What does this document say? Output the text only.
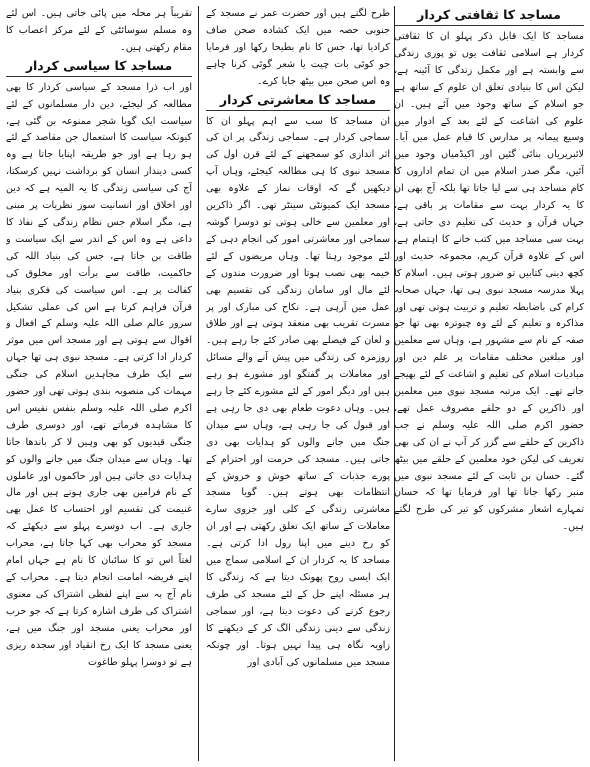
مساجد کا ثقافتی کردار

مساجد کا ایک قابل ذکر پہلو ان کا ثقافتی کردار ہے اسلامی ثقافت یوں تو پوری زندگی سے وابستہ ہے اور مکمل زندگی کا آئینہ ہے، لیکن اس کا بنیادی تعلق ان علوم کے ساتھ ہے جو اسلام کے ساتھ وجود میں آئے ہیں۔ ان علوم کی اشاعت کے لئے بعد کے ادوار میں وسیع پیمانہ پر مدارس کا قیام عمل میں آیا۔ لائبریریاں بنائی گئیں اور اکیڈمیاں وجود میں آئیں، مگر صدر اسلام میں ان تمام اداروں کا کام مساجد ہی سے لیا جاتا تھا بلکہ آج بھی ان کا یہ کردار بہت سے مقامات پر باقی ہے، جہاں قرآن و حدیث کی تعلیم دی جاتی ہے، بہت سی مساجد میں کتب خانے کا اہتمام ہے، اس کے علاوہ قرآن کریم، مجموعہ حدیث اور کچھ دینی کتابیں تو ضرور ہوتی ہیں۔ اسلام کا پہلا مدرسہ مسجد نبوی ہی تھا، جہاں صحابہ کرام کی باضابطہ تعلیم و تربیت ہوتی تھی اور مذاکرہ و تعلیم کے لئے وہ چبوترہ بھی تھا جو صفہ کے نام سے مشہور ہے، وہاں سے معلمین اور مبلغین مختلف مقامات پر علم دین اور مبادیات اسلام کی تعلیم و اشاعت کے لئے بھیجے جاتے تھے۔ ایک مرتبہ مسجد نبوی میں معلمین اور ذاکرین کے دو حلقے مصروف عمل تھے، حضور اکرم صلی اللہ علیہ وسلم نے جب ذاکرین کے حلقے سے گزر کر آپ نے ان کی بھی تعریف کی لیکن خود معلمین کے حلقے میں بیٹھ گئے۔ حسان بن ثابت کے لئے مسجد نبوی میں منبر رکھا جاتا تھا اور فرمایا تھا کہ حسان تمہارے اشعار مشرکوں کو تیر کی طرح لگتے ہیں۔

طرح لگتے ہیں اور حضرت عمر نے مسجد کے جنوبی حصہ میں ایک کشادہ صحن صاف کرادیا تھا، جس کا نام بطیحا رکھا اور فرمایا جو کوئی بات چیت یا شعر گوئی کرنا چاہے وہ اس صحن میں بیٹھ جایا کرے۔

مساجد کا معاشرتی کردار

ان مساجد کا سب سے اہم پہلو ان کا سماجی کردار ہے۔ سماجی زندگی پر ان کی اثر اندازی کو سمجھنے کے لئے قرن اول کی مسجد نبوی کا ہی مطالعہ کیجئے، وہاں آپ دیکھیں گے کہ اوقات نماز کے علاوہ بھی مسجد ایک کمیونٹی سینٹر تھی۔ اگر ذاکرین اور معلمین سے خالی ہوتی تو دوسرا گوشہ سماجی اور معاشرتی امور کی انجام دہی کے لئے موجود رہتا تھا۔ وہاں مریضوں کے لئے خیمہ بھی نصب ہوتا اور ضرورت مندوں کے لئے مال اور سامان زندگی کی تقسیم بھی عمل میں آرہی ہے۔ نکاح کی مبارک اور پر مسرت تقریب بھی منعقد ہوتی ہے اور طلاق و لعان کے فیصلے بھی صادر کئے جا رہے ہیں۔ روزمرہ کی زندگی میں پیش آنے والے مسائل اور معاملات پر گفتگو اور مشورے ہو رہے ہیں اور دیگر امور کے لئے مشورے کئے جا رہے ہیں۔ وہاں دعوت طعام بھی دی جا رہی ہے اور قبول کی جا رہی ہے، وہاں سے میدان جنگ میں جانے والوں کو ہدایات بھی دی جاتی ہیں۔ مسجد کی حرمت اور احترام کے پورے جذبات کے ساتھ خوش و خروش کے انتظامات بھی ہوتے ہیں۔ گویا مسجد معاشرتی زندگی کے کلی اور جزوی سارے معاملات کے ساتھ ایک تعلق رکھتی ہے اور ان کو رخ دینے میں اپنا رول ادا کرتی ہے۔ مساجد کا یہ کردار ان کے اسلامی سماج میں ایک ایسی روح پھونک دیتا ہے کہ زندگی کا ہر مسئلہ اپنے حل کے لئے مسجد کی طرف رجوع کرنے کی دعوت دیتا ہے، اور سماجی زندگی سے دینی زندگی الگ کر کے دیکھنے کا زاویہ نگاہ ہی پیدا نہیں ہوتا۔ اور چونکہ مسجد میں مسلمانوں کی آبادی اور

تقریباً ہر محلہ میں پائی جاتی ہیں۔ اس لئے وہ مسلم سوسائٹی کے لئے مرکز اعصاب کا مقام رکھتی ہیں۔

مساجد کا سیاسی کردار

اور اب ذرا مسجد کے سیاسی کردار کا بھی مطالعہ کر لیجئے، دین دار مسلمانوں کے لئے سیاست ایک گویا شجر ممنوعہ بن گئی ہے، کیونکہ سیاست کا استعمال جن مقاصد کے لئے ہو رہا ہے اور جو طریقہ اپنایا جاتا ہے وہ کسی دیندار انسان کو برداشت نہیں کرسکتا، آج کی سیاسی زندگی کا یہ المیہ ہے کہ دین اور اخلاق اور انسانیت سوز نظریات پر مبنی ہے، مگر اسلام جس نظام زندگی کے نفاذ کا داعی ہے وہ اس کے اندر سے ایک سیاست و طاقت بن جاتا ہے، جس کی بنیاد اللہ کی حاکمیت، طاقت سے برأت اور مخلوق کی کفالت پر ہے۔ اس سیاست کی فکری بنیاد قرآن فراہم کرتا ہے اس کی عملی تشکیل سرور عالم صلی اللہ علیہ وسلم کے افعال و اقوال سے ہوتی ہے اور مسجد اس میں موثر کردار ادا کرتی ہے۔ مسجد نبوی ہی تھا جہاں سے ایک طرف مجاہدین اسلام کی جنگی مہمات کی منصوبہ بندی ہوتی تھی اور حضور اکرم صلی اللہ علیہ وسلم بنفس نفیس اس کا مشاہدہ فرماتے تھے، اور دوسری طرف جنگی قیدیوں کو بھی وہیں لا کر باندھا جاتا تھا۔ وہاں سے میدان جنگ میں جانے والوں کو ہدایات دی جاتی ہیں اور حاکموں اور عاملوں کے نام فرامین بھی جاری ہوتے ہیں اور مال غنیمت کی تقسیم اور احتساب کا عمل بھی جاری ہے۔ اب دوسرے پہلو سے دیکھئے کہ مسجد کو محراب بھی کہا جاتا ہے، محراب لغتاً اس تو کا سائبان کا نام ہے جہاں امام اپنے فریضہ امامت انجام دیتا ہے۔ محراب کے نام آج بہ سے اپنے لفظی اشتراک کی معنوی اشتراک کی طرف اشارہ کرتا ہے کہ جو حرب اور محراب یعنی مسجد اور جنگ میں ہے، یعنی مسجد کا ایک رخ انقیاد اور سجدہ ریزی ہے تو دوسرا پہلو طاغوت
